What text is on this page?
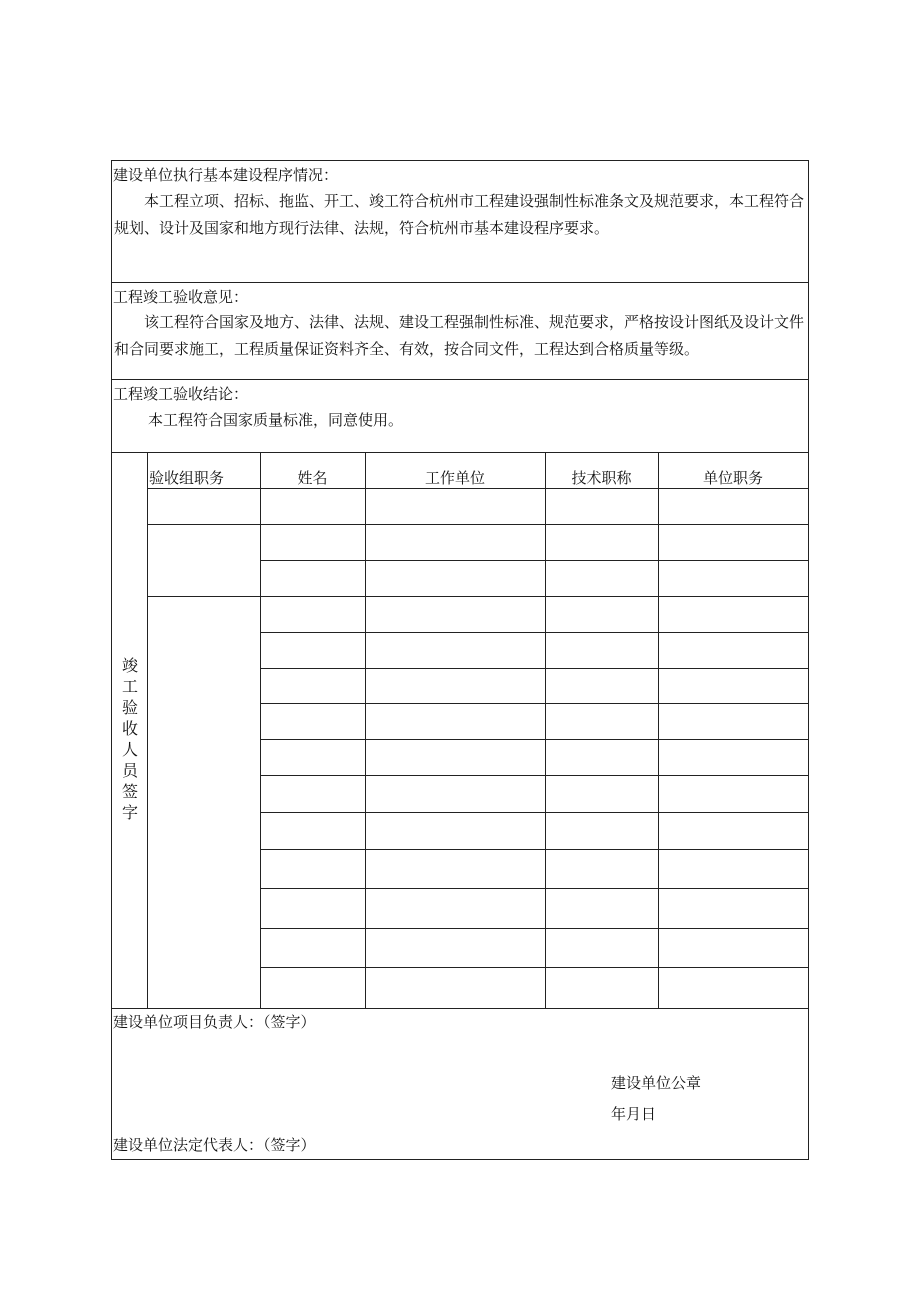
建设单位执行基本建设程序情况：
本工程立项、招标、拖监、开工、竣工符合杭州市工程建设强制性标准条文及规范要求，本工程符合规划、设计及国家和地方现行法律、法规，符合杭州市基本建设程序要求。
工程竣工验收意见：
该工程符合国家及地方、法律、法规、建设工程强制性标准、规范要求，严格按设计图纸及设计文件和合同要求施工，工程质量保证资料齐全、有效，按合同文件，工程达到合格质量等级。
工程竣工验收结论：
本工程符合国家质量标准，同意使用。
竣
工
验
收
人
员
签
字
验收组职务	姓名	工作单位	技术职称	单位职务
建设单位项目负责人：（签字）
建设单位公章
年月日
建设单位法定代表人：（签字）
